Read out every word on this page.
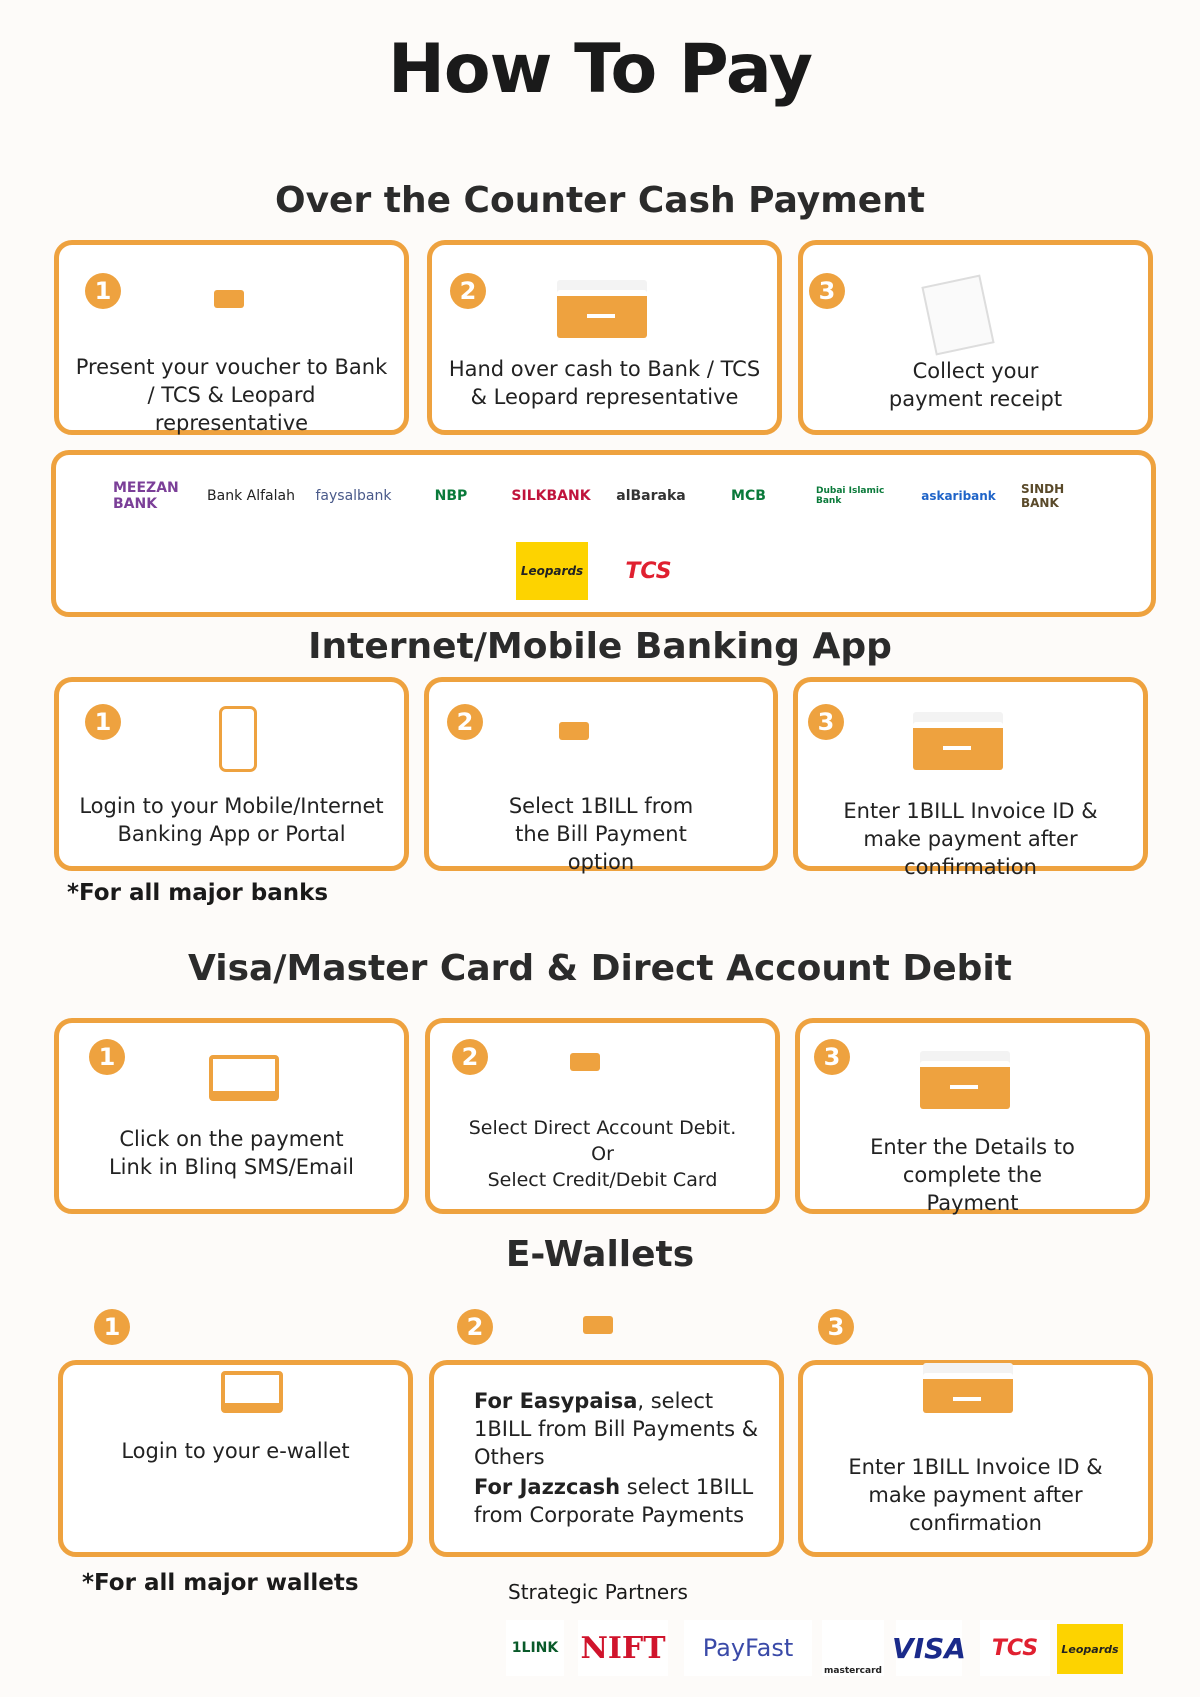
How To Pay
Over the Counter Cash Payment
1
Present your voucher to Bank / TCS & Leopard representative
2
Hand over cash to Bank / TCS & Leopard representative
3
Collect your payment receipt
MEEZAN BANK	Bank Alfalah	faysalbank	NBP	SILKBANK	alBaraka	MCB	Dubai Islamic Bank	askaribank SINDH BANK
Leopards	TCS
Internet/Mobile Banking App
1
Login to your Mobile/Internet Banking App or Portal
2
Select 1BILL from the Bill Payment option
3
Enter 1BILL Invoice ID & make payment after confirmation
*For all major banks
Visa/Master Card & Direct Account Debit
1
Click on the payment Link in Blinq SMS/Email
2
Select Direct Account Debit.
Or
Select Credit/Debit Card
3
Enter the Details to complete the Payment
E-Wallets
1	2	3
Login to your e-wallet
For Easypaisa, select 1BILL from Bill Payments & Others
For Jazzcash select 1BILL from Corporate Payments
Enter 1BILL Invoice ID & make payment after confirmation
*For all major wallets	Strategic Partners
1LINK NIFT	PayFast
mastercard
VISA	TCS	Leopards
